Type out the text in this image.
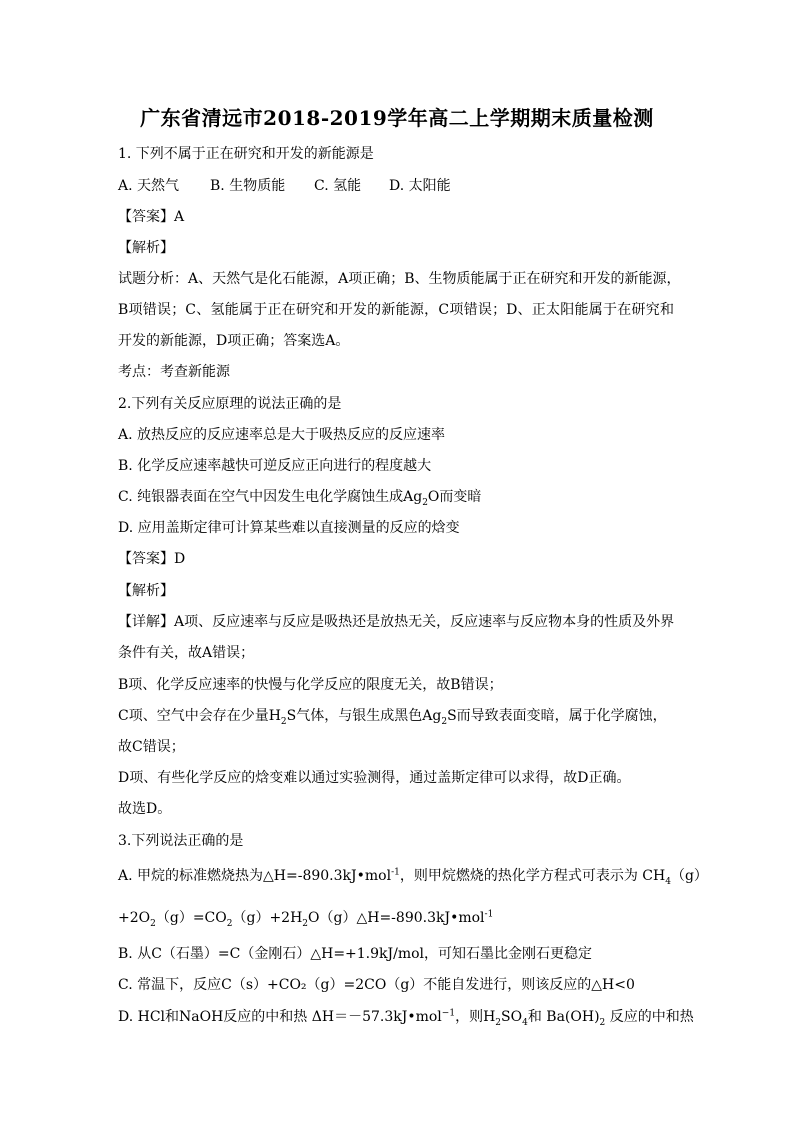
广东省清远市2018-2019学年高二上学期期末质量检测
1. 下列不属于正在研究和开发的新能源是
A. 天然气 B. 生物质能 C. 氢能 D. 太阳能
【答案】A
【解析】
试题分析：A、天然气是化石能源，A项正确；B、生物质能属于正在研究和开发的新能源，
B项错误；C、氢能属于正在研究和开发的新能源，C项错误；D、正太阳能属于在研究和
开发的新能源，D项正确；答案选A。
考点：考查新能源
2.下列有关反应原理的说法正确的是
A. 放热反应的反应速率总是大于吸热反应的反应速率
B. 化学反应速率越快可逆反应正向进行的程度越大
C. 纯银器表面在空气中因发生电化学腐蚀生成$Ag_2O$而变暗
D. 应用盖斯定律可计算某些难以直接测量的反应的焓变
【答案】D
【解析】
【详解】A项、反应速率与反应是吸热还是放热无关，反应速率与反应物本身的性质及外界
条件有关，故A错误；
B项、化学反应速率的快慢与化学反应的限度无关，故B错误；
C项、空气中会存在少量$H_2S$气体，与银生成黑色$Ag_2S$而导致表面变暗，属于化学腐蚀，
故C错误；
D项、有些化学反应的焓变难以通过实验测得，通过盖斯定律可以求得，故D正确。
故选D。
3.下列说法正确的是
A. 甲烷的标准燃烧热为△H=-890.3kJ•mol$^{-1}$，则甲烷燃烧的热化学方程式可表示为 $CH_4(g)$
$+2O_2(g)=CO_2(g)+2H_2O(g)\triangle H=-890.3kJ•mol^{-1}$
B. 从C（石墨）=C（金刚石）△H=+1.9kJ/mol，可知石墨比金刚石更稳定
C. 常温下，反应C（s）+CO₂（g）=2CO（g）不能自发进行，则该反应的△H<0
D. HCl和NaOH反应的中和热 ΔH＝－57.3kJ•mol$^{-1}$，则$H_2SO_4$和 $Ba(OH)_2$ 反应的中和热
